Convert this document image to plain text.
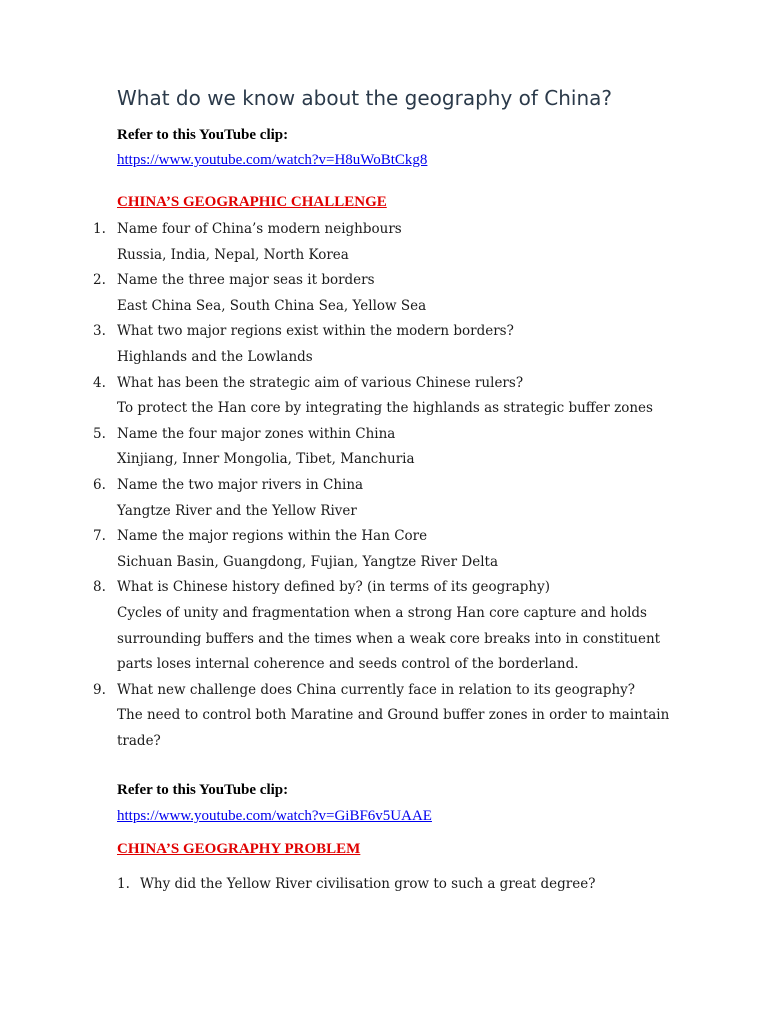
What do we know about the geography of China?
Refer to this YouTube clip:
https://www.youtube.com/watch?v=H8uWoBtCkg8
CHINA’S GEOGRAPHIC CHALLENGE
1. Name four of China’s modern neighbours
Russia, India, Nepal, North Korea
2. Name the three major seas it borders
East China Sea, South China Sea, Yellow Sea
3. What two major regions exist within the modern borders?
Highlands and the Lowlands
4. What has been the strategic aim of various Chinese rulers?
To protect the Han core by integrating the highlands as strategic buffer zones
5. Name the four major zones within China
Xinjiang, Inner Mongolia, Tibet, Manchuria
6. Name the two major rivers in China
Yangtze River and the Yellow River
7. Name the major regions within the Han Core
Sichuan Basin, Guangdong, Fujian, Yangtze River Delta
8. What is Chinese history defined by? (in terms of its geography)
Cycles of unity and fragmentation when a strong Han core capture and holds surrounding buffers and the times when a weak core breaks into in constituent parts loses internal coherence and seeds control of the borderland.
9. What new challenge does China currently face in relation to its geography?
The need to control both Maratine and Ground buffer zones in order to maintain trade?
Refer to this YouTube clip:
https://www.youtube.com/watch?v=GiBF6v5UAAE
CHINA’S GEOGRAPHY PROBLEM
1. Why did the Yellow River civilisation grow to such a great degree?
